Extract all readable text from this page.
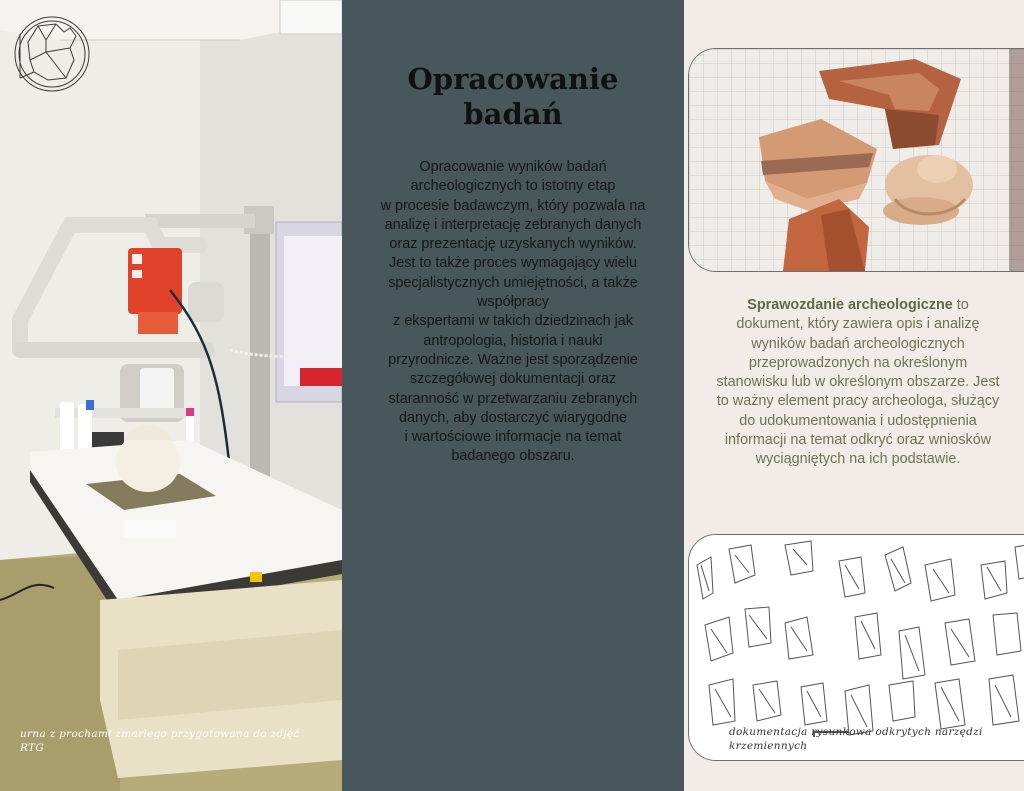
urna z prochami zmarłego przygotowana do zdjęć RTG
Opracowanie
badań

Opracowanie wyników badań
archeologicznych to istotny etap
w procesie badawczym, który pozwala na
analizę i interpretację zebranych danych
oraz prezentację uzyskanych wyników.
Jest to także proces wymagający wielu
specjalistycznych umiejętności, a także
współpracy
z ekspertami w takich dziedzinach jak
antropologia, historia i nauki
przyrodnicze. Ważne jest sporządzenie
szczegółowej dokumentacji oraz
staranność w przetwarzaniu zebranych
danych, aby dostarczyć wiarygodne
i wartościowe informacje na temat
badanego obszaru.

Sprawozdanie archeologiczne to dokument, który zawiera opis i analizę wyników badań archeologicznych przeprowadzonych na określonym stanowisku lub w określonym obszarze. Jest to ważny element pracy archeologa, służący do udokumentowania i udostępnienia informacji na temat odkryć oraz wniosków wyciągniętych na ich podstawie.

dokumentacja rysunkowa odkrytych narzędzi krzemiennych
